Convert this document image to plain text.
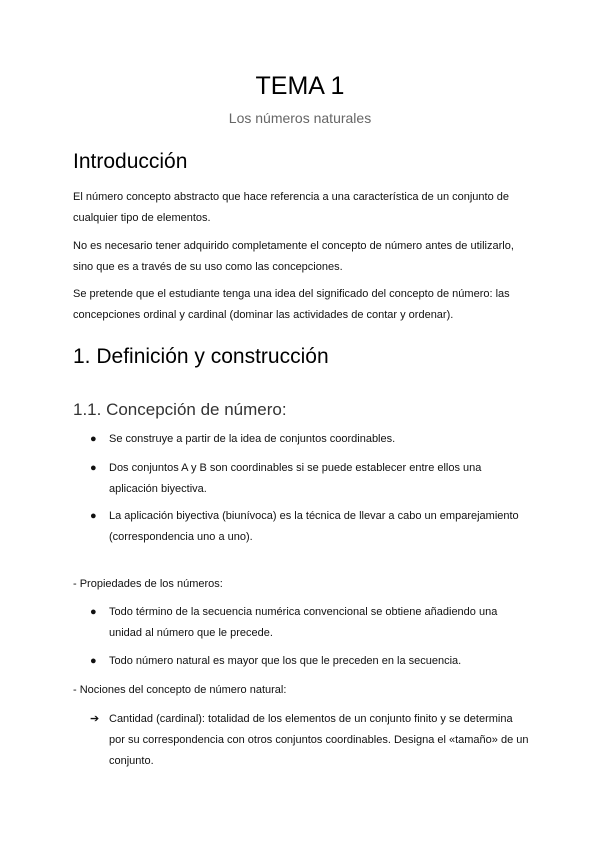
TEMA 1
Los números naturales
Introducción
El número concepto abstracto que hace referencia a una característica de un conjunto de cualquier tipo de elementos.
No es necesario tener adquirido completamente el concepto de número antes de utilizarlo, sino que es a través de su uso como las concepciones.
Se pretende que el estudiante tenga una idea del significado del concepto de número: las concepciones ordinal y cardinal (dominar las actividades de contar y ordenar).
1. Definición y construcción
1.1. Concepción de número:
●	Se construye a partir de la idea de conjuntos coordinables.
●	Dos conjuntos A y B son coordinables si se puede establecer entre ellos una aplicación biyectiva.
●	La aplicación biyectiva (biunívoca) es la técnica de llevar a cabo un emparejamiento (correspondencia uno a uno).
- Propiedades de los números:
●	Todo término de la secuencia numérica convencional se obtiene añadiendo una unidad al número que le precede.
●	Todo número natural es mayor que los que le preceden en la secuencia.
- Nociones del concepto de número natural:
➔ Cantidad (cardinal): totalidad de los elementos de un conjunto finito y se determina por su correspondencia con otros conjuntos coordinables. Designa el «tamaño» de un conjunto.
